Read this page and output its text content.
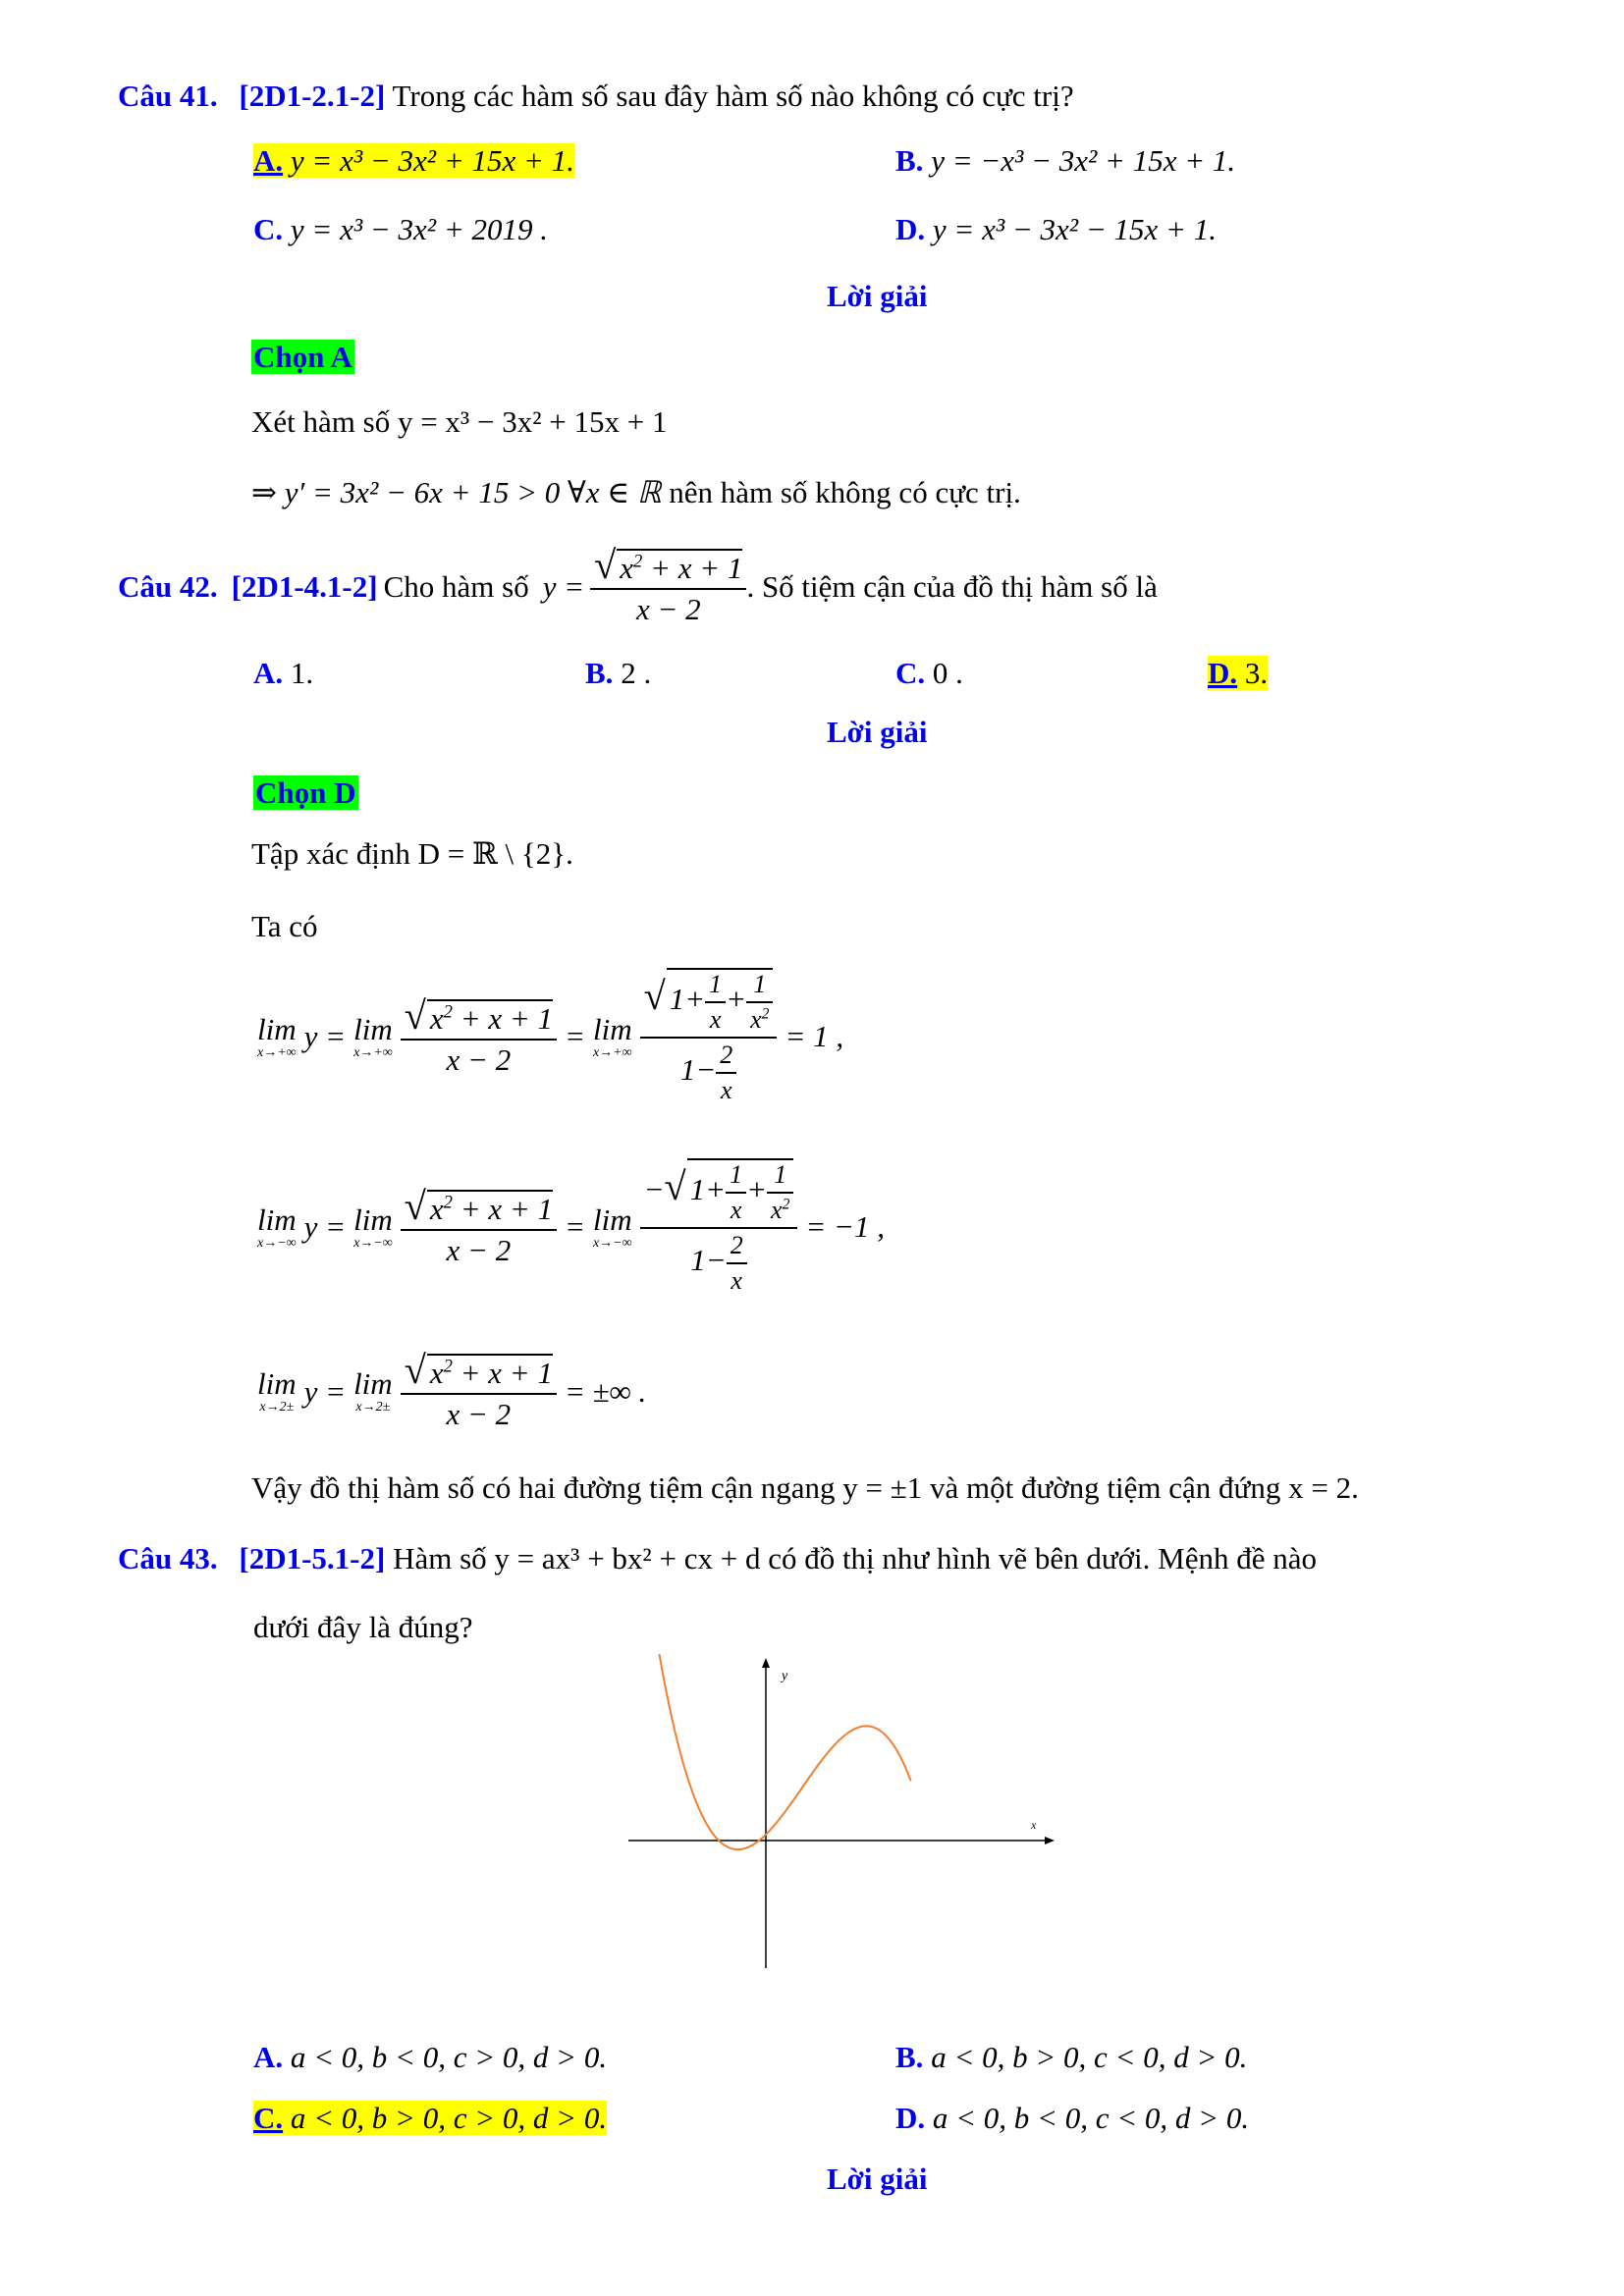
Câu 41. [2D1-2.1-2] Trong các hàm số sau đây hàm số nào không có cực trị?
A. y = x³ − 3x² + 15x + 1.	B. y = −x³ − 3x² + 15x + 1.
C. y = x³ − 3x² + 2019 .	D. y = x³ − 3x² − 15x + 1.
Lời giải
Chọn A
Xét hàm số y = x³ − 3x² + 15x + 1
⇒ y′ = 3x² − 6x + 15 > 0 ∀x ∈ ℝ nên hàm số không có cực trị.
Câu 42. [2D1-4.1-2] Cho hàm số $y = \frac{√ x^2 + x + 1}{x - 2}$ . Số tiệm cận của đồ thị hàm số là
A. 1.	B. 2 .	C. 0 .	D. 3.
Lời giải
Chọn D
Tập xác định D = ℝ \ {2}.
Ta có
lim
x→+∞ y = lim
$x\to+\infty \frac{√ x^2 + x + 1}{x - 2} = \lim$
$x\to+\infty \frac{√ 1+ \frac{1}{x} + \frac{1}{x^2}}{1- \frac{2}{x}} = 1$ ,
lim
x→−∞ y = lim
$x\to-\infty \frac{√ x^2 + x + 1}{x - 2} = \lim$
$x\to-\infty \frac{-√ 1+ \frac{1}{x} + \frac{1}{x^2}}{1- \frac{2}{x}} = -1$ ,
lim
x→2± y = lim
$x\to 2\pm \frac{√ x^2 + x + 1}{x - 2}$ = ±∞ .
Vậy đồ thị hàm số có hai đường tiệm cận ngang y = ±1 và một đường tiệm cận đứng x = 2.
Câu 43. [2D1-5.1-2] Hàm số y = ax³ + bx² + cx + d có đồ thị như hình vẽ bên dưới. Mệnh đề nào
dưới đây là đúng?
y
x
A. a < 0, b < 0, c > 0, d > 0.	B. a < 0, b > 0, c < 0, d > 0.
C. a < 0, b > 0, c > 0, d > 0.	D. a < 0, b < 0, c < 0, d > 0.
Lời giải
